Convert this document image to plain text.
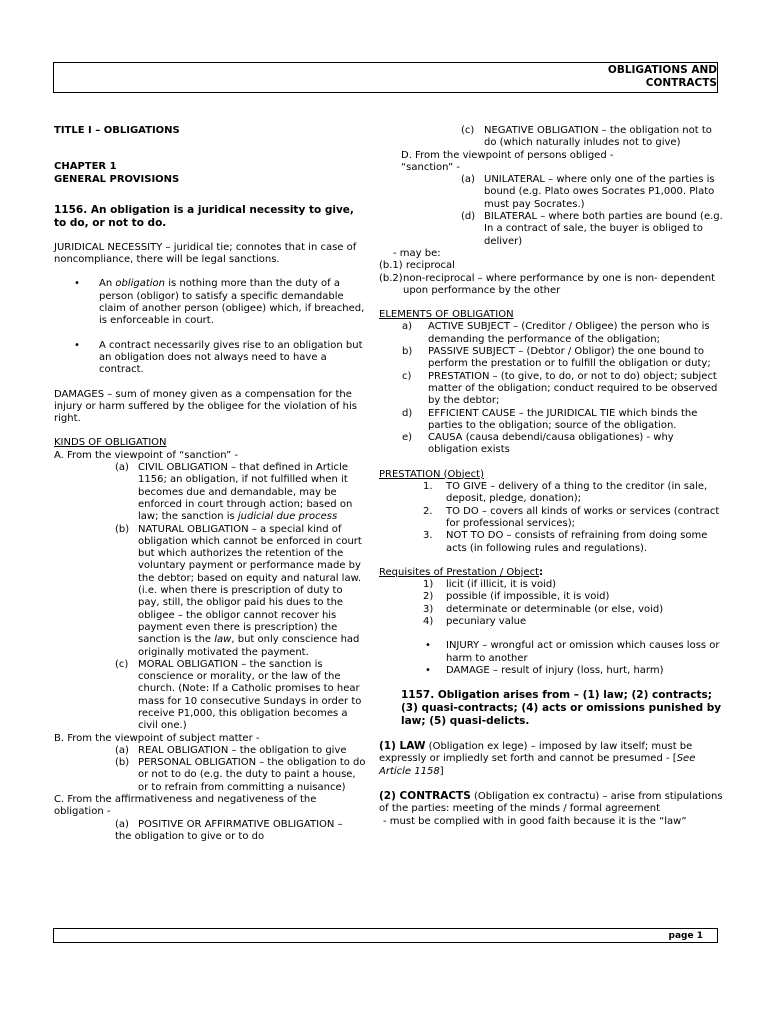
OBLIGATIONS AND
CONTRACTS

TITLE I – OBLIGATIONS

CHAPTER 1

GENERAL PROVISIONS

1156. An obligation is a juridical necessity to give, to do, or not to do.

JURIDICAL NECESSITY – juridical tie; connotes that in case of noncompliance, there will be legal sanctions.

•	An obligation is nothing more than the duty of a person (obligor) to satisfy a specific demandable claim of another person (obligee) which, if breached, is enforceable in court.
•	A contract necessarily gives rise to an obligation but an obligation does not always need to have a contract.

DAMAGES – sum of money given as a compensation for the injury or harm suffered by the obligee for the violation of his right.

KINDS OF OBLIGATION

A. From the viewpoint of “sanction” -

(a) CIVIL OBLIGATION – that defined in Article 1156; an obligation, if not fulfilled when it becomes due and demandable, may be enforced in court through action; based on law; the sanction is judicial due process
(b) NATURAL OBLIGATION – a special kind of obligation which cannot be enforced in court but which authorizes the retention of the voluntary payment or performance made by the debtor; based on equity and natural law. (i.e. when there is prescription of duty to pay, still, the obligor paid his dues to the obligee – the obligor cannot recover his payment even there is prescription) the sanction is the law, but only conscience had originally motivated the payment.
(c) MORAL OBLIGATION – the sanction is conscience or morality, or the law of the church. (Note: If a Catholic promises to hear mass for 10 consecutive Sundays in order to receive P1,000, this obligation becomes a civil one.)

B. From the viewpoint of subject matter -

(a) REAL OBLIGATION – the obligation to give
(b) PERSONAL OBLIGATION – the obligation to do or not to do (e.g. the duty to paint a house, or to refrain from committing a nuisance)

C. From the affirmativeness and negativeness of the obligation -

(a) POSITIVE OR AFFIRMATIVE OBLIGATION –

the obligation to give or to do

(c) NEGATIVE OBLIGATION – the obligation not to do (which naturally inludes not to give)

D. From the viewpoint of persons obliged -

“sanction” -

(a) UNILATERAL – where only one of the parties is bound (e.g. Plato owes Socrates P1,000. Plato must pay Socrates.)
(d) BILATERAL – where both parties are bound (e.g. In a contract of sale, the buyer is obliged to deliver)

- may be:

(b.1) reciprocal

(b.2) non-reciprocal – where performance by one is non- dependent upon performance by the other

ELEMENTS OF OBLIGATION

a)	ACTIVE SUBJECT – (Creditor / Obligee) the person who is demanding the performance of the obligation;
b)	PASSIVE SUBJECT – (Debtor / Obligor) the one bound to perform the prestation or to fulfill the obligation or duty;
c)	PRESTATION – (to give, to do, or not to do) object; subject matter of the obligation; conduct required to be observed by the debtor;
d)	EFFICIENT CAUSE – the JURIDICAL TIE which binds the parties to the obligation; source of the obligation.
e)	CAUSA (causa debendi/causa obligationes) - why obligation exists

PRESTATION (Object)

1.	TO GIVE – delivery of a thing to the creditor (in sale, deposit, pledge, donation);
2.	TO DO – covers all kinds of works or services (contract for professional services);
3.	NOT TO DO – consists of refraining from doing some acts (in following rules and regulations).

Requisites of Prestation / Object:

1)	licit (if illicit, it is void)
2)	possible (if impossible, it is void)
3)	determinate or determinable (or else, void)
4)	pecuniary value
•	INJURY – wrongful act or omission which causes loss or harm to another
•	DAMAGE – result of injury (loss, hurt, harm)

1157. Obligation arises from – (1) law; (2) contracts; (3) quasi-contracts; (4) acts or omissions punished by law; (5) quasi-delicts.

(1) LAW (Obligation ex lege) – imposed by law itself; must be expressly or impliedly set forth and cannot be presumed - [See Article 1158]

(2) CONTRACTS (Obligation ex contractu) – arise from stipulations of the parties: meeting of the minds / formal agreement

- must be complied with in good faith because it is the “law”

page 1
